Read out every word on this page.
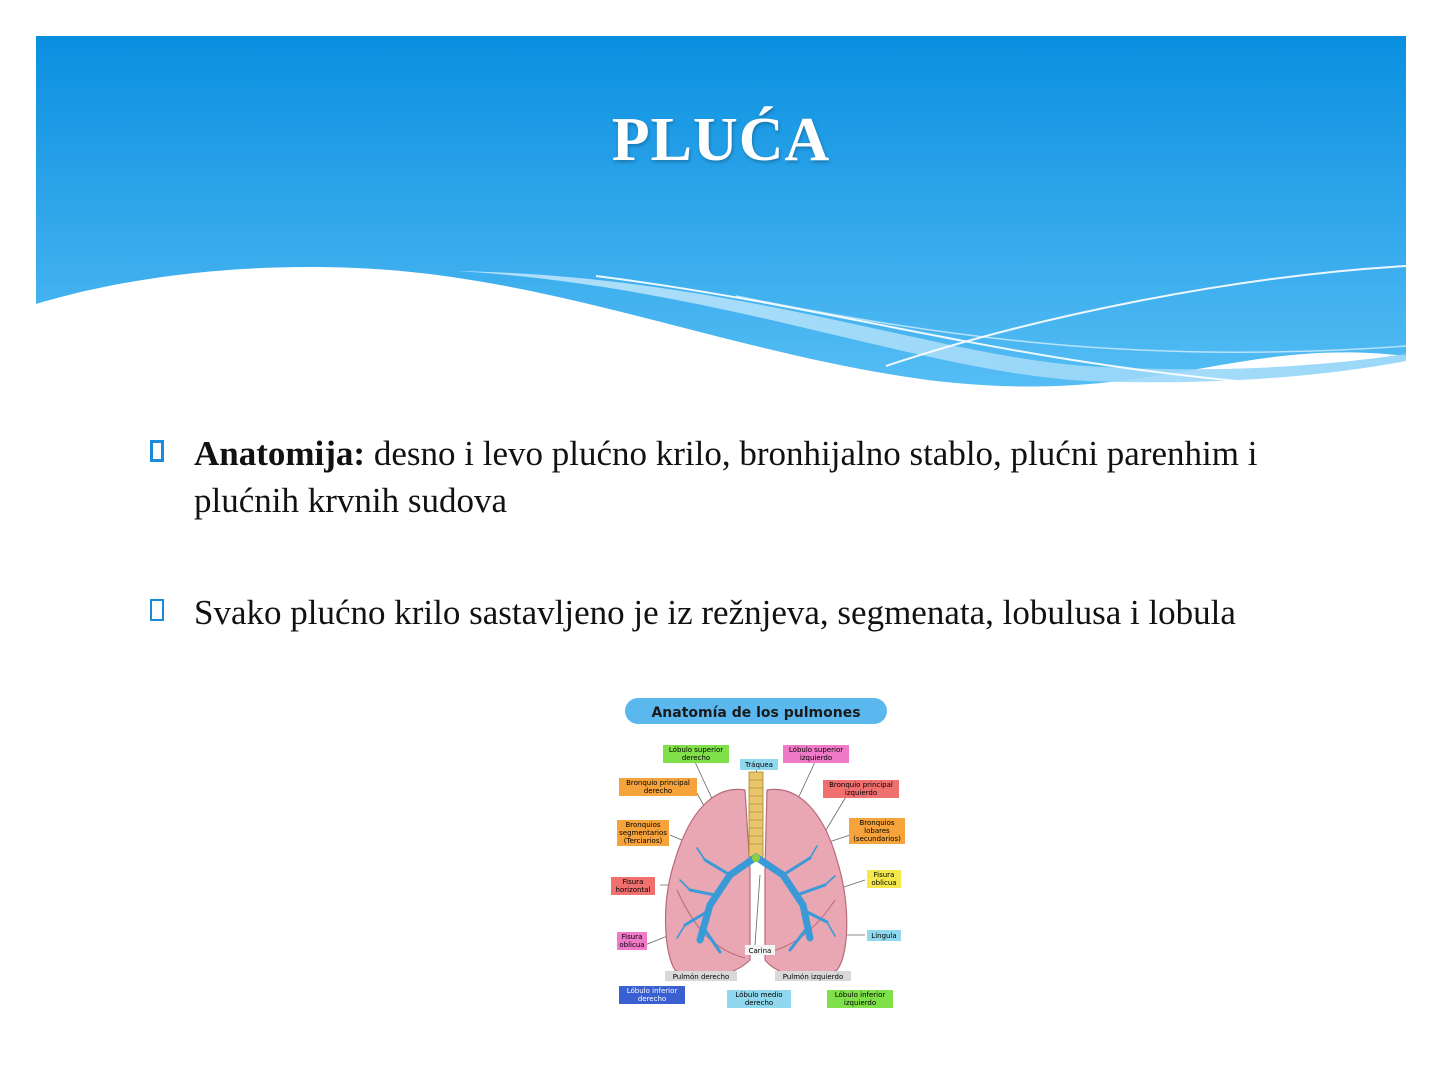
PLUĆA
Anatomija: desno i levo plućno krilo, bronhijalno stablo, plućni parenhim i plućnih krvnih sudova
Svako plućno krilo sastavljeno je iz režnjeva, segmenata, lobulusa i lobula
Anatomía de los pulmones
Lóbulo superior
derecho
Lóbulo superior
izquierdo
Tráquea
Bronquio principal
derecho
Bronquio principal
izquierdo
Bronquios
segmentarios
(Terciarios)
Bronquios
lobares
(secundarios)
Fisura
horizontal
Fisura
oblicua
Fisura
oblicua
Língula
Carina
Pulmón derecho	Pulmón izquierdo
Lóbulo inferior
derecho	Lóbulo medio
derecho
Lóbulo inferior
izquierdo
